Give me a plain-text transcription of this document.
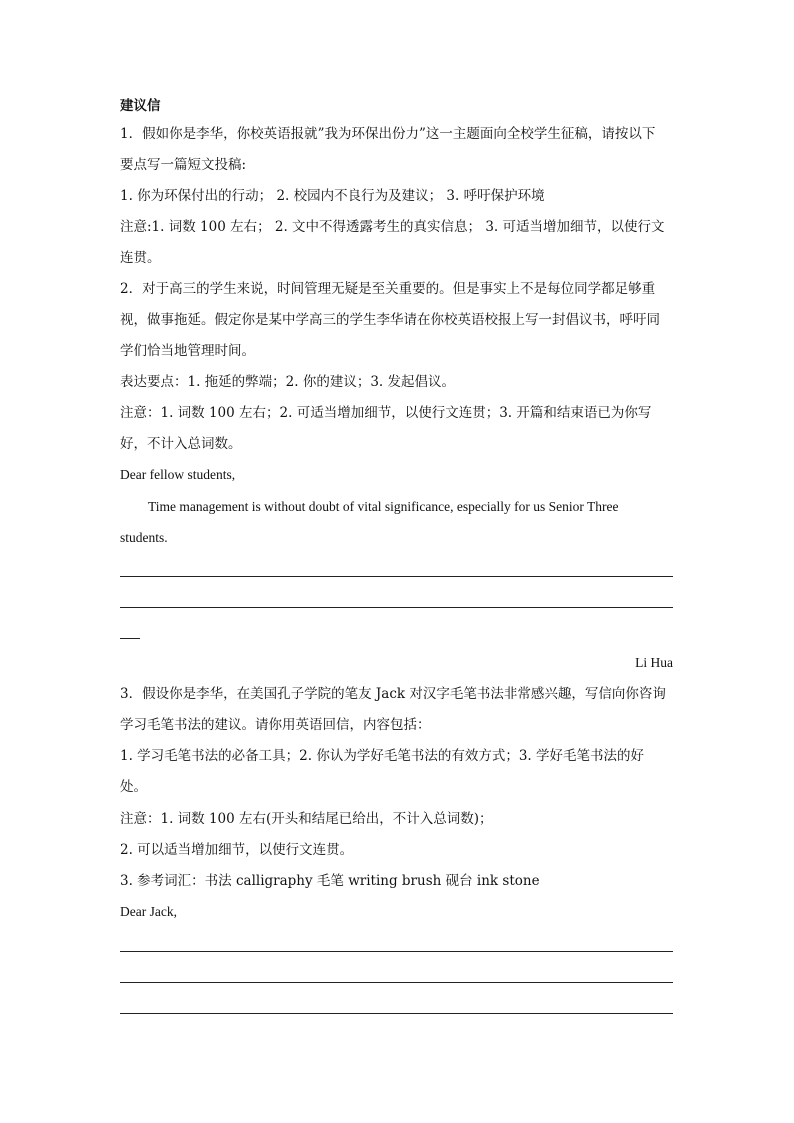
建议信
1．假如你是李华，你校英语报就”我为环保出份力”这一主题面向全校学生征稿，请按以下
要点写一篇短文投稿:
1. 你为环保付出的行动； 2. 校园内不良行为及建议； 3. 呼吁保护环境
注意:1. 词数 100 左右； 2. 文中不得透露考生的真实信息； 3. 可适当增加细节，以使行文
连贯。
2．对于高三的学生来说，时间管理无疑是至关重要的。但是事实上不是每位同学都足够重
视，做事拖延。假定你是某中学高三的学生李华请在你校英语校报上写一封倡议书，呼吁同
学们恰当地管理时间。
表达要点：1. 拖延的弊端；2. 你的建议；3. 发起倡议。
注意：1. 词数 100 左右；2. 可适当增加细节，以使行文连贯；3. 开篇和结束语已为你写
好，不计入总词数。
Dear fellow students,
Time management is without doubt of vital significance, especially for us Senior Three
students.
Li Hua
3．假设你是李华，在美国孔子学院的笔友 Jack 对汉字毛笔书法非常感兴趣，写信向你咨询
学习毛笔书法的建议。请你用英语回信，内容包括：
1. 学习毛笔书法的必备工具；2. 你认为学好毛笔书法的有效方式；3. 学好毛笔书法的好
处。
注意：1. 词数 100 左右(开头和结尾已给出，不计入总词数)；
2. 可以适当增加细节，以使行文连贯。
3. 参考词汇：书法 calligraphy 毛笔 writing brush 砚台 ink stone
Dear Jack,
